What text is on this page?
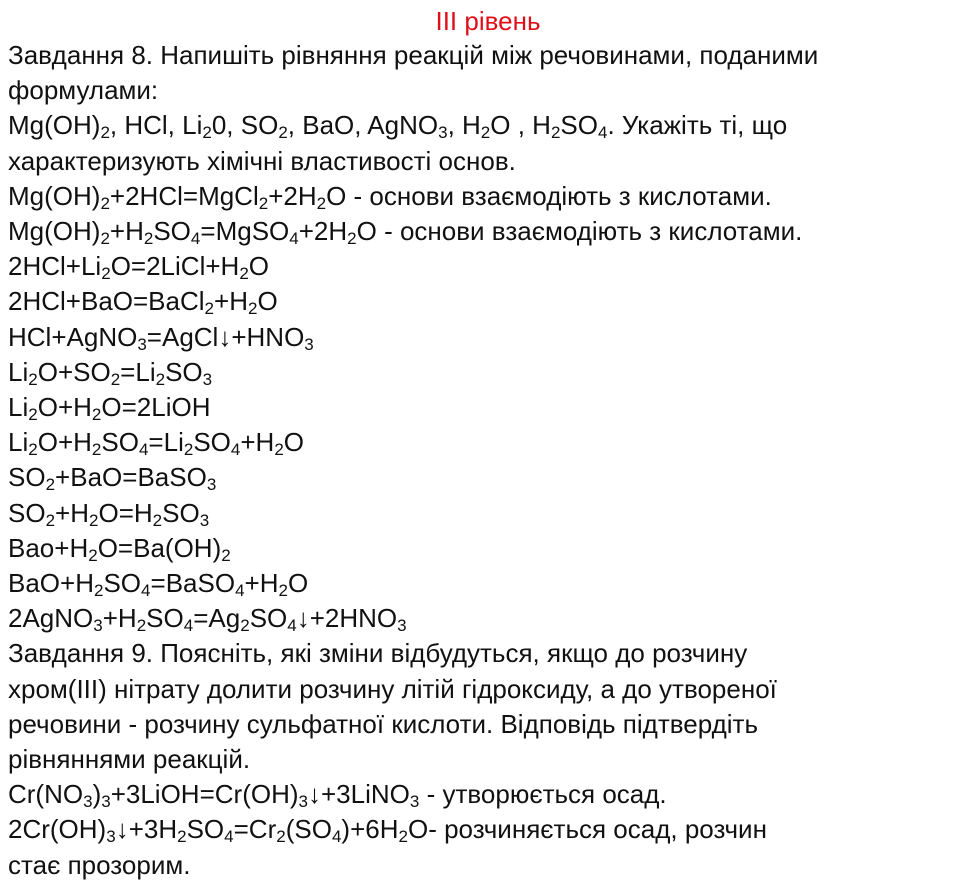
III рівень
Завдання 8. Напишіть рівняння реакцій між речовинами, поданими
формулами:
$Mg(OH)_2$, HCl, $Li_20$, $SO_2$, BaO, AgNO$_3$, $H_2O$ , $H_2SO_4$. Укажіть ті, що
характеризують хімічні властивості основ.
$Mg(OH)_2+2HCl=MgCl_2+2H_2O$ - основи взаємодіють з кислотами.
$Mg(OH)_2+H_2SO_4=MgSO_4+2H_2O$ - основи взаємодіють з кислотами.
$2HCl+Li_2O=2LiCl+H_2O$
$2HCl+BaO=BaCl_2+H_2O$
$HCl+AgNO_3=AgCl↓+HNO_3$
$Li_2O+SO_2=Li_2SO_3$
$Li_2O+H_2O=2LiOH$
$Li_2O+H_2SO_4=Li_2SO_4+H_2O$
$SO_2+BaO=BaSO_3$
$SO_2+H_2O=H_2SO_3$
$Bao+H_2O=Ba(OH)_2$
$BaO+H_2SO_4=BaSO_4+H_2O$
$2AgNO_3+H_2SO_4=Ag_2SO_4↓+2HNO_3$
Завдання 9. Поясніть, які зміни відбудуться, якщо до розчину
хром(III) нітрату долити розчину літій гідроксиду, а до утвореної
речовини - розчину сульфатної кислоти. Відповідь підтвердіть
рівняннями реакцій.
$Cr(NO_3)_3+3LiOH=Cr(OH)_3↓+3LiNO_3$ - утворюється осад.
$2Cr(OH)_3↓+3H_2SO_4=Cr_2(SO_4)+6H_2O-$ розчиняється осад, розчин
стає прозорим.
